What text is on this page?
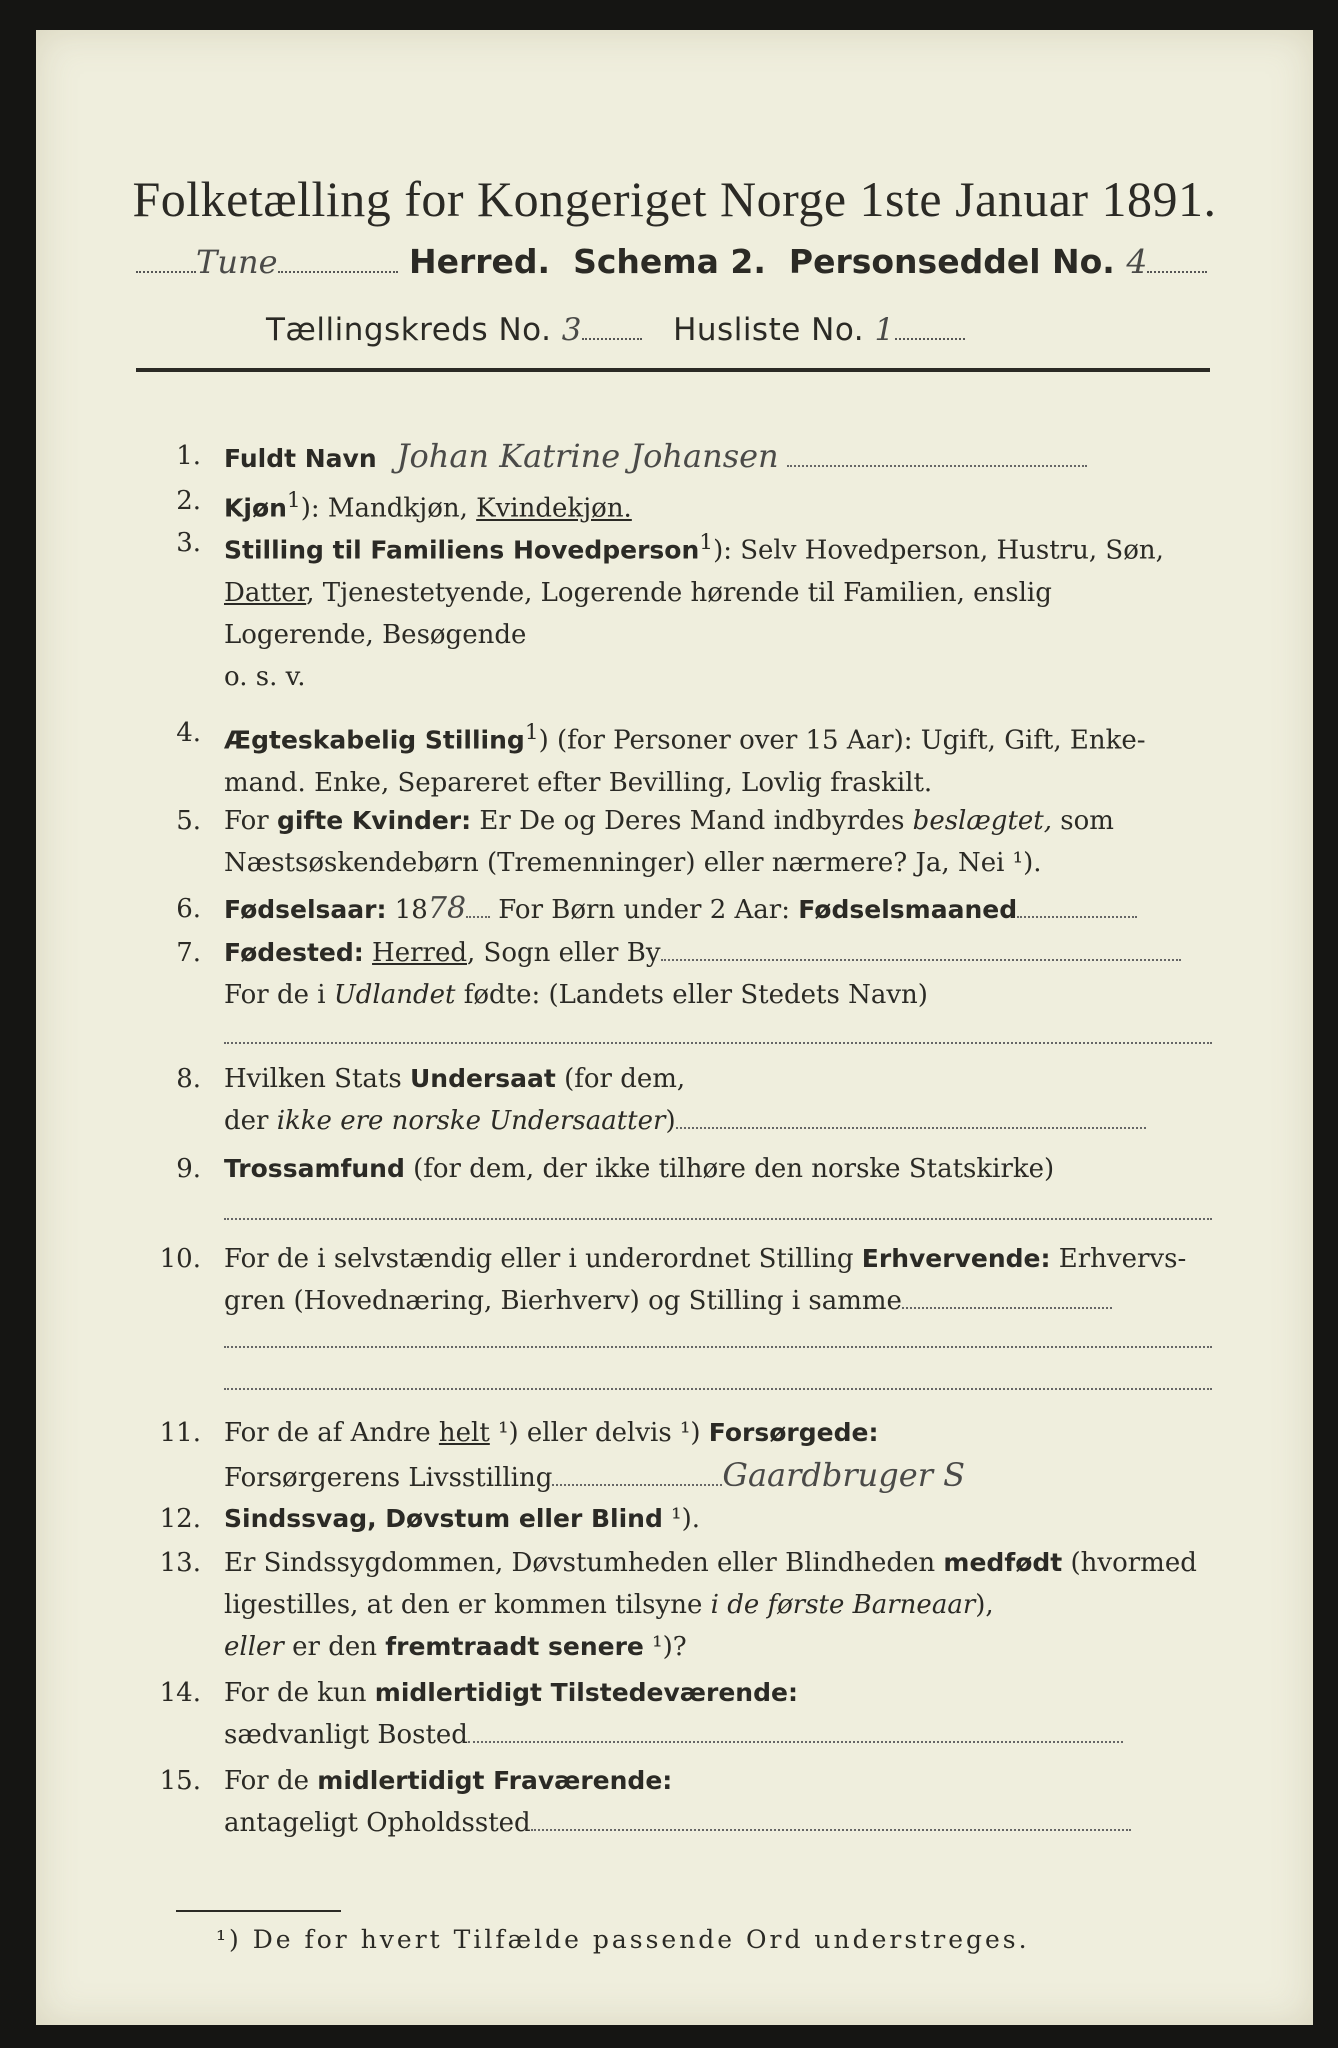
Folketælling for Kongeriget Norge 1ste Januar 1891.
Tune	Herred. Schema 2. Personseddel No. 4
Tællingskreds No. 3	Husliste No. 1
1. Fuldt Navn Johan Katrine Johansen
2. Kjøn$^1$): Mandkjøn, Kvindekjøn.
3. Stilling til Familiens Hovedperson$^1$): Selv Hovedperson, Hustru, Søn,
Datter, Tjenestetyende, Logerende hørende til Familien, enslig
Logerende, Besøgende
o. s. v.
4. Ægteskabelig Stilling$^1$) (for Personer over 15 Aar): Ugift, Gift, Enke-
mand. Enke, Separeret efter Bevilling, Lovlig fraskilt.
5. For gifte Kvinder: Er De og Deres Mand indbyrdes beslægtet, som
Næstsøskendebørn (Tremenninger) eller nærmere? Ja, Nei ¹).
6. Fødselsaar: 1878 For Børn under 2 Aar: Fødselsmaaned
7. Fødested: Herred, Sogn eller By
For de i Udlandet fødte: (Landets eller Stedets Navn)
8. Hvilken Stats Undersaat (for dem,
der ikke ere norske Undersaatter)
9. Trossamfund (for dem, der ikke tilhøre den norske Statskirke)
10. For de i selvstændig eller i underordnet Stilling Erhvervende: Erhvervs-
gren (Hovednæring, Bierhverv) og Stilling i samme
11. For de af Andre helt ¹) eller delvis ¹) Forsørgede:
Forsørgerens Livsstilling	Gaardbruger S
12. Sindssvag, Døvstum eller Blind ¹).
13. Er Sindssygdommen, Døvstumheden eller Blindheden medfødt (hvormed
ligestilles, at den er kommen tilsyne i de første Barneaar),
eller er den fremtraadt senere ¹)?
14. For de kun midlertidigt Tilstedeværende:
sædvanligt Bosted
15. For de midlertidigt Fraværende:
antageligt Opholdssted
¹) De for hvert Tilfælde passende Ord understreges.
